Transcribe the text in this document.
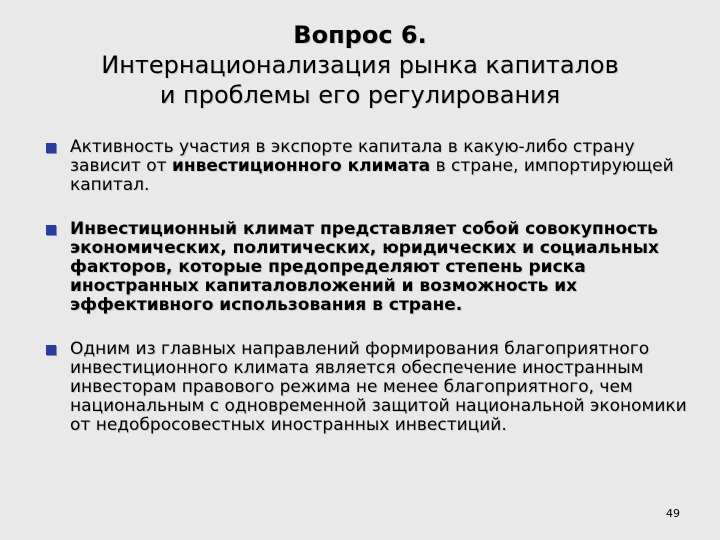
Вопрос 6.
Интернационализация рынка капиталов
и проблемы его регулирования
Активность участия в экспорте капитала в какую-либо страну зависит от инвестиционного климата в стране, импортирующей капитал.
Инвестиционный климат представляет собой совокупность экономических, политических, юридических и социальных факторов, которые предопределяют степень риска иностранных капиталовложений и возможность их эффективного использования в стране.
Одним из главных направлений формирования благоприятного инвестиционного климата является обеспечение иностранным инвесторам правового режима не менее благоприятного, чем национальным с одновременной защитой национальной экономики от недобросовестных иностранных инвестиций.
49
